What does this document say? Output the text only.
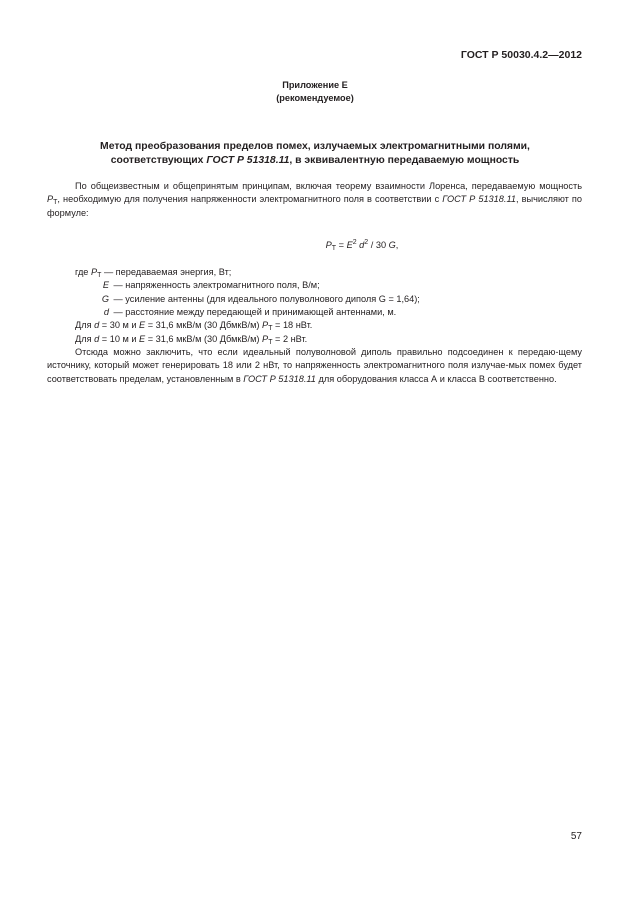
ГОСТ Р 50030.4.2—2012
Приложение Е
(рекомендуемое)
Метод преобразования пределов помех, излучаемых электромагнитными полями,
соответствующих ГОСТ Р 51318.11, в эквивалентную передаваемую мощность

По общеизвестным и общепринятым принципам, включая теорему взаимности Лоренса, передаваемую мощность $P_T$, необходимую для получения напряженности электромагнитного поля в соответствии с ГОСТ Р 51318.11, вычисляют по формуле:

$P_T = E^2$ $d^2 / 30$ G,
где $P_T$ — передаваемая энергия, Вт;
E — напряженность электромагнитного поля, В/м;
G — усиление антенны (для идеального полуволнового диполя G = 1,64);
d — расстояние между передающей и принимающей антеннами, м.

Для d = 30 м и E = 31,6 мкВ/м (30 ДбмкВ/м) $P_T = 18$ нВт.

Для d = 10 м и E = 31,6 мкВ/м (30 ДбмкВ/м) $P_T = 2$ нВт.

Отсюда можно заключить, что если идеальный полуволновой диполь правильно подсоединен к передаю-щему источнику, который может генерировать 18 или 2 нВт, то напряженность электромагнитного поля излучае-мых помех будет соответствовать пределам, установленным в ГОСТ Р 51318.11 для оборудования класса А и класса В соответственно.

57
